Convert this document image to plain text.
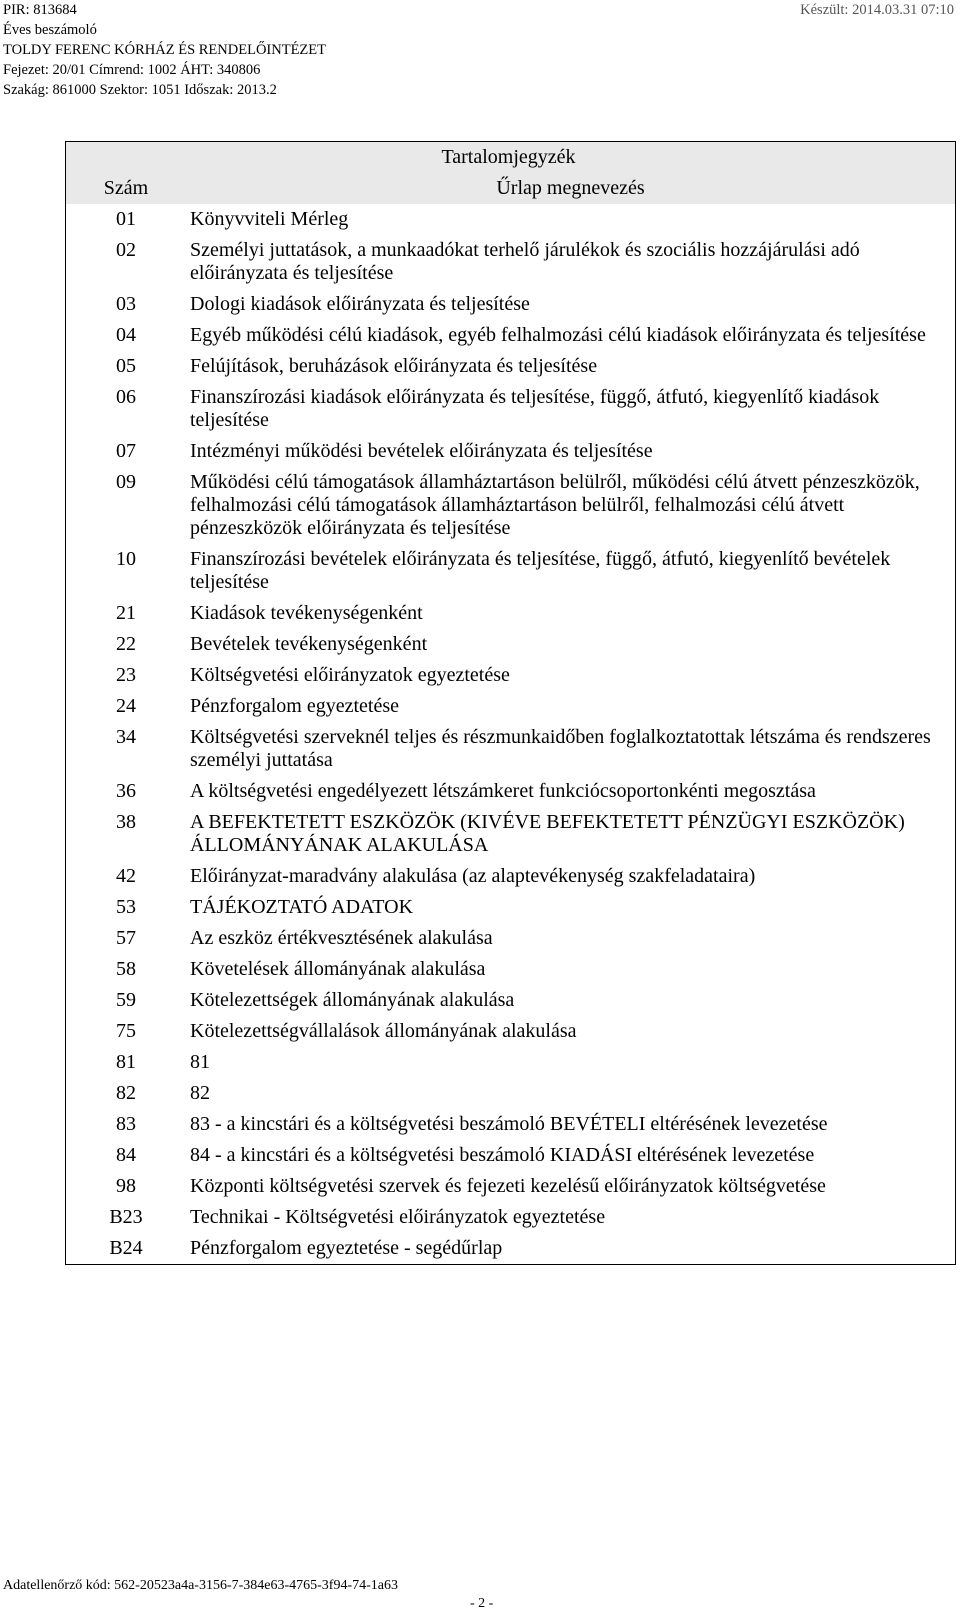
PIR: 813684
Éves beszámoló
TOLDY FERENC KÓRHÁZ ÉS RENDELŐINTÉZET
Fejezet: 20/01 Címrend: 1002 ÁHT: 340806
Szakág: 861000 Szektor: 1051 Időszak: 2013.2
Készült: 2014.03.31 07:10
Tartalomjegyzék	
Szám	Űrlap megnevezés
01	Könyvviteli Mérleg
02	Személyi juttatások, a munkaadókat terhelő járulékok és szociális hozzájárulási adó előirányzata és teljesítése
03	Dologi kiadások előirányzata és teljesítése
04	Egyéb működési célú kiadások, egyéb felhalmozási célú kiadások előirányzata és teljesítése
05	Felújítások, beruházások előirányzata és teljesítése
06	Finanszírozási kiadások előirányzata és teljesítése, függő, átfutó, kiegyenlítő kiadások teljesítése
07	Intézményi működési bevételek előirányzata és teljesítése
09	Működési célú támogatások államháztartáson belülről, működési célú átvett pénzeszközök, felhalmozási célú támogatások államháztartáson belülről, felhalmozási célú átvett pénzeszközök előirányzata és teljesítése
10	Finanszírozási bevételek előirányzata és teljesítése, függő, átfutó, kiegyenlítő bevételek teljesítése
21	Kiadások tevékenységenként
22	Bevételek tevékenységenként
23	Költségvetési előirányzatok egyeztetése
24	Pénzforgalom egyeztetése
34	Költségvetési szerveknél teljes és részmunkaidőben foglalkoztatottak létszáma és rendszeres személyi juttatása
36	A költségvetési engedélyezett létszámkeret funkciócsoportonkénti megosztása
38	A BEFEKTETETT ESZKÖZÖK (KIVÉVE BEFEKTETETT PÉNZÜGYI ESZKÖZÖK) ÁLLOMÁNYÁNAK ALAKULÁSA
42	Előirányzat-maradvány alakulása (az alaptevékenység szakfeladataira)
53	TÁJÉKOZTATÓ ADATOK
57	Az eszköz értékvesztésének alakulása
58	Követelések állományának alakulása
59	Kötelezettségek állományának alakulása
75	Kötelezettségvállalások állományának alakulása
81	81
82	82
83	83 - a kincstári és a költségvetési beszámoló BEVÉTELI eltérésének levezetése
84	84 - a kincstári és a költségvetési beszámoló KIADÁSI eltérésének levezetése
98	Központi költségvetési szervek és fejezeti kezelésű előirányzatok költségvetése
B23	Technikai - Költségvetési előirányzatok egyeztetése
B24	Pénzforgalom egyeztetése - segédűrlap
Adatellenőrző kód: 562-20523a4a-3156-7-384e63-4765-3f94-74-1a63
- 2 -
